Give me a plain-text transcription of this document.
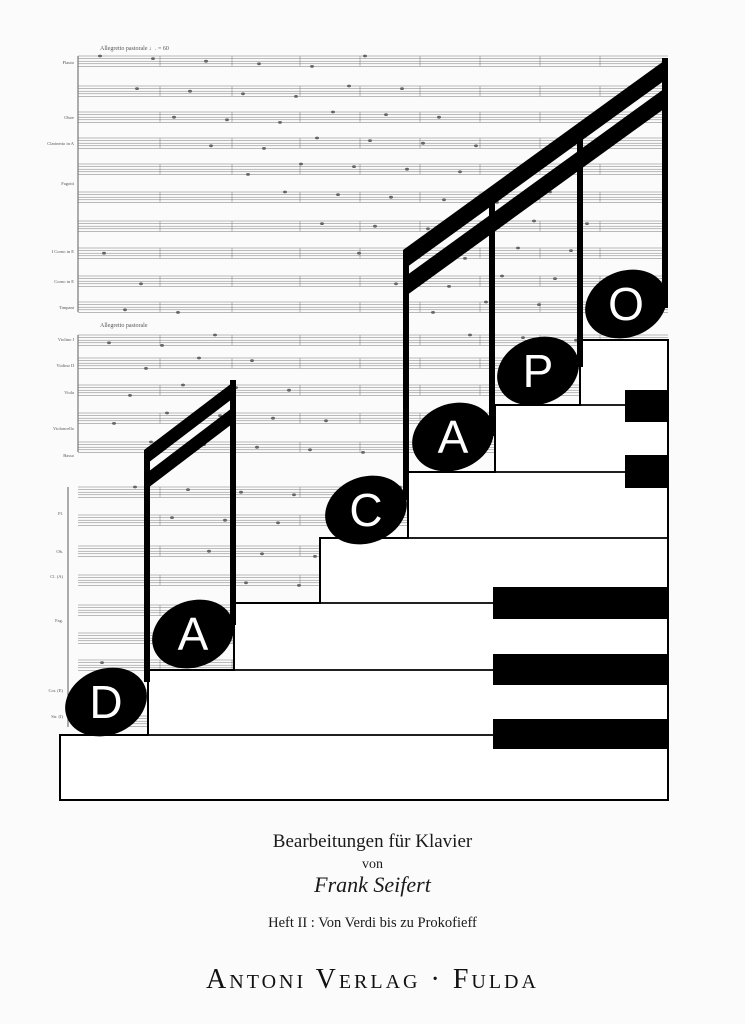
Allegretto pastorale ♩. = 60
Allegretto pastorale
Flauto
Oboe
Clarinetto in A
Fagotti
I Corno in E
Corno in E
Timpani
Violino I
Violino II
Viola
Violoncello
Basso
Fl.
Ob.
Cl. (A)
Fag.
Cor. (E)
Str. (I) D
A
C
A
P
O
Bearbeitungen für Klavier
von
Frank Seifert
Heft II : Von Verdi bis zu Prokofieff
Antoni Verlag · Fulda
